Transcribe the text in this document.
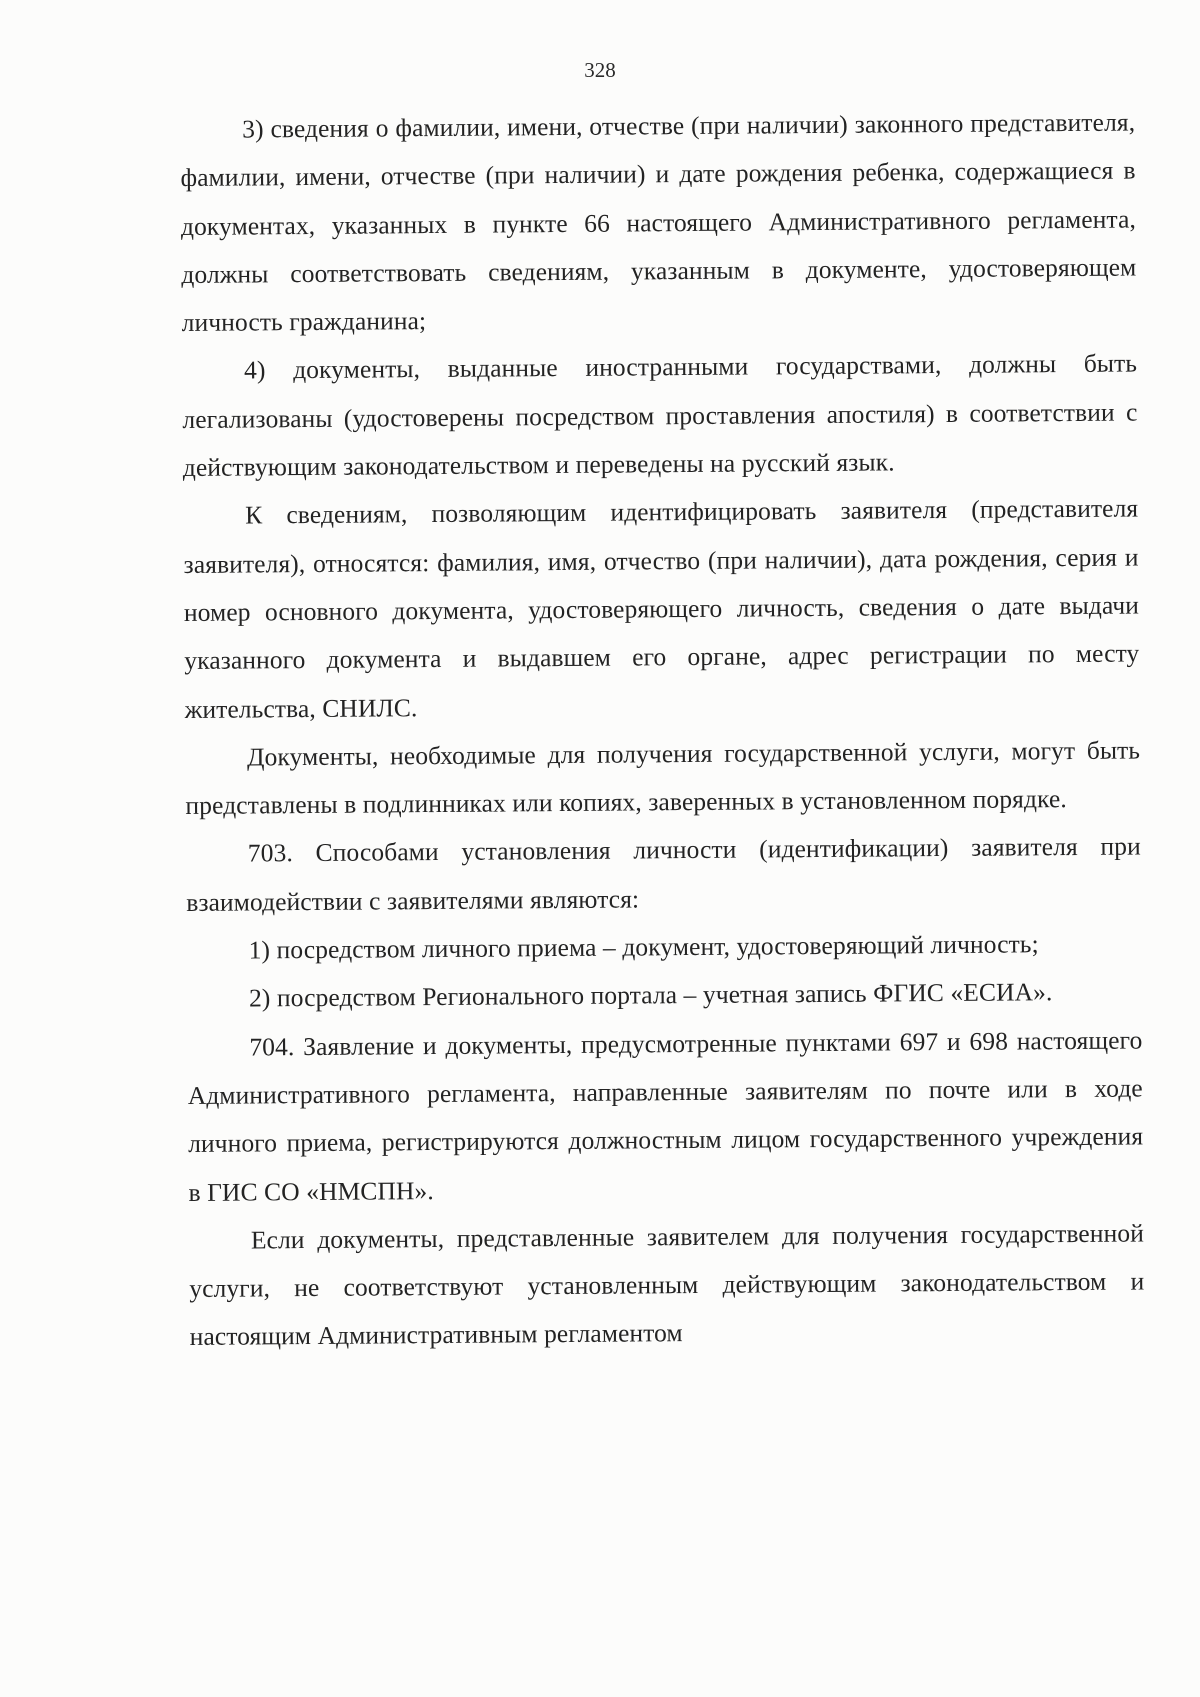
328

3) сведения о фамилии, имени, отчестве (при наличии) законного представителя, фамилии, имени, отчестве (при наличии) и дате рождения ребенка, содержащиеся в документах, указанных в пункте 66 настоящего Административного регламента, должны соответствовать сведениям, указанным в документе, удостоверяющем личность гражданина;

4) документы, выданные иностранными государствами, должны быть легализованы (удостоверены посредством проставления апостиля) в соответствии с действующим законодательством и переведены на русский язык.

К сведениям, позволяющим идентифицировать заявителя (представителя заявителя), относятся: фамилия, имя, отчество (при наличии), дата рождения, серия и номер основного документа, удостоверяющего личность, сведения о дате выдачи указанного документа и выдавшем его органе, адрес регистрации по месту жительства, СНИЛС.

Документы, необходимые для получения государственной услуги, могут быть представлены в подлинниках или копиях, заверенных в установленном порядке.

703. Способами установления личности (идентификации) заявителя при взаимодействии с заявителями являются:

1) посредством личного приема – документ, удостоверяющий личность;

2) посредством Регионального портала – учетная запись ФГИС «ЕСИА».

704. Заявление и документы, предусмотренные пунктами 697 и 698 настоящего Административного регламента, направленные заявителям по почте или в ходе личного приема, регистрируются должностным лицом государственного учреждения в ГИС СО «НМСПН».

Если документы, представленные заявителем для получения государственной услуги, не соответствуют установленным действующим законодательством и настоящим Административным регламентом
